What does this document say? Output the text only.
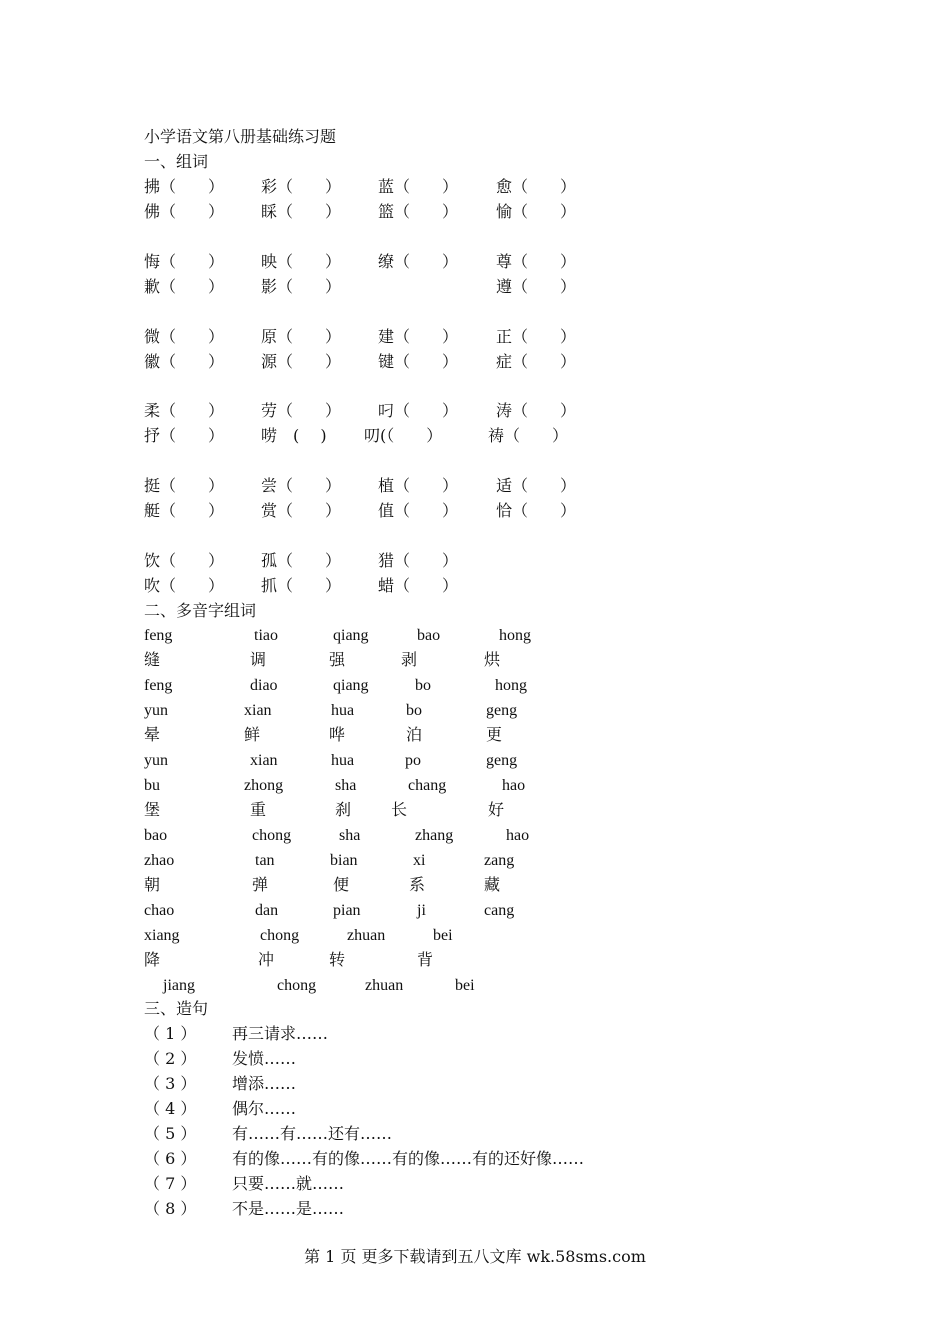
小学语文第八册基础练习题
一、组词
拂（　　） 彩（　　） 蓝（　　） 愈（　　）
佛（　　） 睬（　　） 篮（　　） 愉（　　）
悔（　　） 映（　　） 缭（　　） 尊（　　）
歉（　　） 影（　　）	遵（　　）
微（　　） 原（　　） 建（　　） 正（　　）
徽（　　） 源（　　） 键（　　） 症（　　）
柔（　　） 劳（　　） 叼（　　） 涛（　　）
抒（　　） 唠　(　 ) 叨(（　　）	祷（　　）
挺（　　） 尝（　　） 植（　　） 适（　　）
艇（　　） 赏（　　） 值（　　） 恰（　　）
饮（　　） 孤（　　） 猎（　　）
吹（　　） 抓（　　） 蜡（　　）
二、多音字组词
feng	tiao	qiang	bao	hong
缝	调	强	剥	烘
feng	diao	qiang	bo	hong
yun	xian	hua	bo	geng
晕	鲜	哗	泊	更
yun	xian	hua	po	geng
bu	zhong	sha	chang	hao
堡	重	刹 长	好
bao	chong	sha	zhang	hao
zhao	tan	bian	xi	zang
朝	弹	便	系	藏
chao	dan	pian	ji	cang
xiang	chong	zhuan	bei
降	冲	转	背
jiang	chong	zhuan	bei
三、造句
（ 1 ） 再三请求……
（ 2 ） 发愤……
（ 3 ） 增添……
（ 4 ） 偶尔……
（ 5 ） 有……有……还有……
（ 6 ） 有的像……有的像……有的像……有的还好像……
（ 7 ） 只要……就……
（ 8 ） 不是……是……
第 1 页 更多下载请到五八文库 wk.58sms.com
